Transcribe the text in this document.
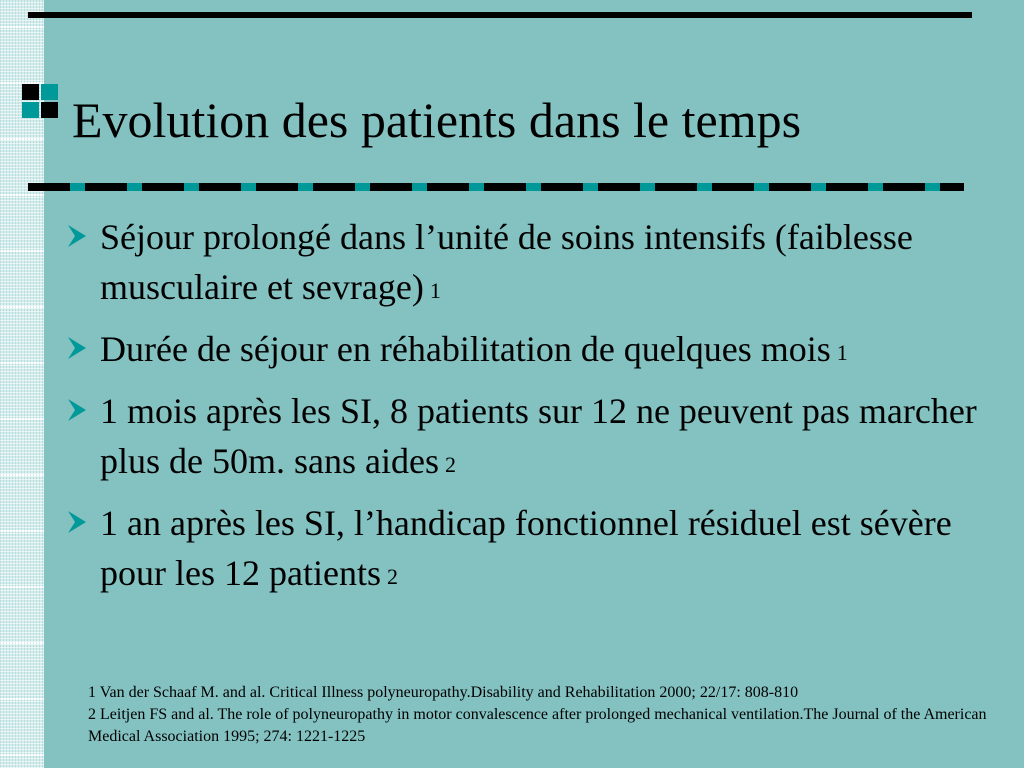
Evolution des patients dans le temps
Séjour prolongé dans l’unité de soins intensifs (faiblesse musculaire et sevrage) $^1$
Durée de séjour en réhabilitation de quelques mois $^1$
1 mois après les SI, 8 patients sur 12 ne peuvent pas marcher plus de 50m. sans aides $^2$
1 an après les SI, l’handicap fonctionnel résiduel est sévère pour les 12 patients $^2$
1 Van der Schaaf M. and al. Critical Illness polyneuropathy.Disability and Rehabilitation 2000; 22/17: 808-810
2 Leitjen FS and al. The role of polyneuropathy in motor convalescence after prolonged mechanical ventilation.The Journal of the American Medical Association 1995; 274: 1221-1225
